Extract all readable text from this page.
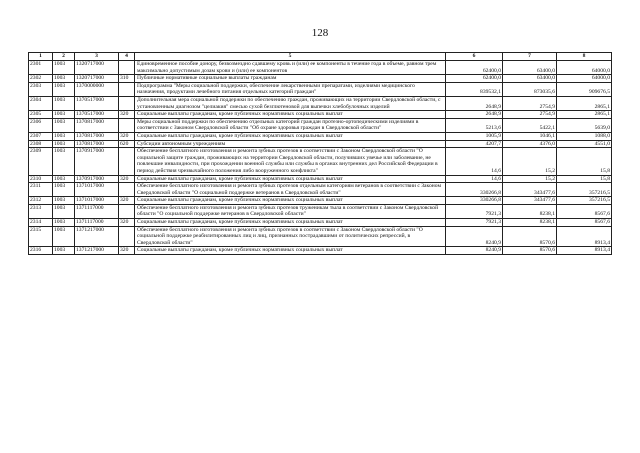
128
1	2	3	4	5	6	7	8
2301	1003	1320717000		Единовременное пособие донору, безвозмездно сдавшему кровь и (или) ее компоненты в течение года в объеме, равном трем максимально допустимым дозам крови и (или) ее компонентов	62400,0	63400,0	64000,0
2302	1003	1320717000	310	Публичные нормативные социальные выплаты гражданам	62400,0	63400,0	64000,0
2303	1003	1370000000		Подпрограмма "Меры социальной поддержки, обеспечение лекарственными препаратами, изделиями медицинского назначения, продуктами лечебного питания отдельных категорий граждан"	839532,1	873035,6	909676,5
2304	1003	1370517000		Дополнительная мера социальной поддержки по обеспечению граждан, проживающих на территории Свердловской области, с установленным диагнозом "целиакия" смесью сухой безглютеновой для выпечки хлебобулочных изделий	2648,9	2754,9	2865,1
2305	1003	1370517000	320	Социальные выплаты гражданам, кроме публичных нормативных социальных выплат	2648,9	2754,9	2865,1
2306	1003	1370817000		Меры социальной поддержки по обеспечению отдельных категорий граждан протезно-ортопедическими изделиями в соответствии с Законом Свердловской области "Об охране здоровья граждан в Свердловской области"	5213,6	5422,1	5639,0
2307	1003	1370817000	320	Социальные выплаты гражданам, кроме публичных нормативных социальных выплат	1005,9	1046,1	1088,0
2308	1003	1370817000	620	Субсидии автономным учреждениям	4207,7	4376,0	4551,0
2309	1003	1370917000		Обеспечение бесплатного изготовления и ремонта зубных протезов в соответствии с Законом Свердловской области "О социальной защите граждан, проживающих на территории Свердловской области, получивших увечье или заболевание, не повлекшие инвалидности, при прохождении военной службы или службы в органах внутренних дел Российской Федерации в период действия чрезвычайного положения либо вооруженного конфликта"	14,6	15,2	15,8
2310	1003	1370917000	320	Социальные выплаты гражданам, кроме публичных нормативных социальных выплат	14,6	15,2	15,8
2311	1003	1371017000		Обеспечение бесплатного изготовления и ремонта зубных протезов отдельным категориям ветеранов в соответствии с Законом Свердловской области "О социальной поддержке ветеранов в Свердловской области"	330266,8	343477,6	357216,5
2312	1003	1371017000	320	Социальные выплаты гражданам, кроме публичных нормативных социальных выплат	330266,8	343477,6	357216,5
2313	1003	1371117000		Обеспечение бесплатного изготовления и ремонта зубных протезов труженикам тыла в соответствии с Законом Свердловской области "О социальной поддержке ветеранов в Свердловской области"	7921,3	8238,1	8567,6
2314	1003	1371117000	320	Социальные выплаты гражданам, кроме публичных нормативных социальных выплат	7921,3	8238,1	8567,6
2315	1003	1371217000		Обеспечение бесплатного изготовления и ремонта зубных протезов в соответствии с Законом Свердловской области "О социальной поддержке реабилитированных лиц и лиц, признанных пострадавшими от политических репрессий, в Свердловской области"	8240,9	8570,6	8913,4
2316	1003	1371217000	320	Социальные выплаты гражданам, кроме публичных нормативных социальных выплат	8240,9	8570,6	8913,4
